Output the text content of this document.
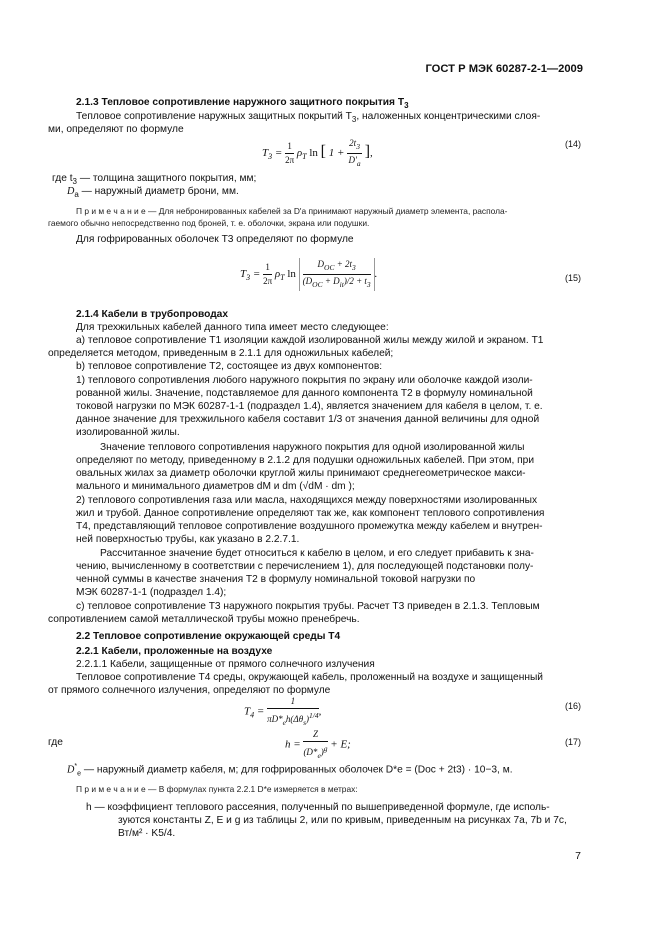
ГОСТ Р МЭК 60287-2-1—2009
2.1.3 Тепловое сопротивление наружного защитного покрытия $T_3$
Тепловое сопротивление наружных защитных покрытий $T_3$, наложенных концентрическими слоя-
ми, определяют по формуле
$T_3 = \frac{1}{2\pi} \rho_T$ ln [ $1 + \frac{2t_3}{D'_a}$ ],
(14)
где $t_3$ — толщина защитного покрытия, мм;
$D_a$ — наружный диаметр брони, мм.
П р и м е ч а н и е — Для небронированных кабелей за D'a принимают наружный диаметр элемента, распола-
гаемого обычно непосредственно под броней, т. е. оболочки, экрана или подушки.
Для гофрированных оболочек T3 определяют по формуле
$T_3 = \frac{1}{2\pi} \rho_T$ $\ln \frac{D_{OC} + 2t_3}{(D_{OC} + D_{it})/2 + t_3}$ .	(15)
2.1.4 Кабели в трубопроводах
Для трехжильных кабелей данного типа имеет место следующее:
a) тепловое сопротивление T1 изоляции каждой изолированной жилы между жилой и экраном. T1
определяется методом, приведенным в 2.1.1 для одножильных кабелей;
b) тепловое сопротивление T2, состоящее из двух компонентов:
1) теплового сопротивления любого наружного покрытия по экрану или оболочке каждой изоли-
рованной жилы. Значение, подставляемое для данного компонента T2 в формулу номинальной
токовой нагрузки по МЭК 60287-1-1 (подраздел 1.4), является значением для кабеля в целом, т. е.
данное значение для трехжильного кабеля составит 1/3 от значения данной величины для одной
изолированной жилы.
Значение теплового сопротивления наружного покрытия для одной изолированной жилы
определяют по методу, приведенному в 2.1.2 для подушки одножильных кабелей. При этом, при
овальных жилах за диаметр оболочки круглой жилы принимают среднегеометрическое макси-
мального и минимального диаметров dM и dm (√dM · dm );
2) теплового сопротивления газа или масла, находящихся между поверхностями изолированных
жил и трубой. Данное сопротивление определяют так же, как компонент теплового сопротивления
T4, представляющий тепловое сопротивление воздушного промежутка между кабелем и внутрен-
ней поверхностью трубы, как указано в 2.2.7.1.
Рассчитанное значение будет относиться к кабелю в целом, и его следует прибавить к зна-
чению, вычисленному в соответствии с перечислением 1), для последующей подстановки полу-
ченной суммы в качестве значения T2 в формулу номинальной токовой нагрузки по
МЭК 60287-1-1 (подраздел 1.4);
c) тепловое сопротивление T3 наружного покрытия трубы. Расчет T3 приведен в 2.1.3. Тепловым
сопротивлением самой металлической трубы можно пренебречь.
2.2 Тепловое сопротивление окружающей среды T4
2.2.1 Кабели, проложенные на воздухе
2.2.1.1 Кабели, защищенные от прямого солнечного излучения
Тепловое сопротивление T4 среды, окружающей кабель, проложенный на воздухе и защищенный
от прямого солнечного излучения, определяют по формуле
$T_4 = \frac{1}{\pi D*_eh(\Delta\theta_s)^{1/4}}$ ,	(16)
где	$h = \frac{Z}{(D*_e)^g} + E$;	(17)
$D^*_e$ — наружный диаметр кабеля, м; для гофрированных оболочек D*e = (Doc + 2t3) · 10−3, м.
П р и м е ч а н и е — В формулах пункта 2.2.1 D*e измеряется в метрах:
h — коэффициент теплового рассеяния, полученный по вышеприведенной формуле, где исполь-
зуются константы Z, E и g из таблицы 2, или по кривым, приведенным на рисунках 7a, 7b и 7c,
Вт/м² · K5/4.
7
